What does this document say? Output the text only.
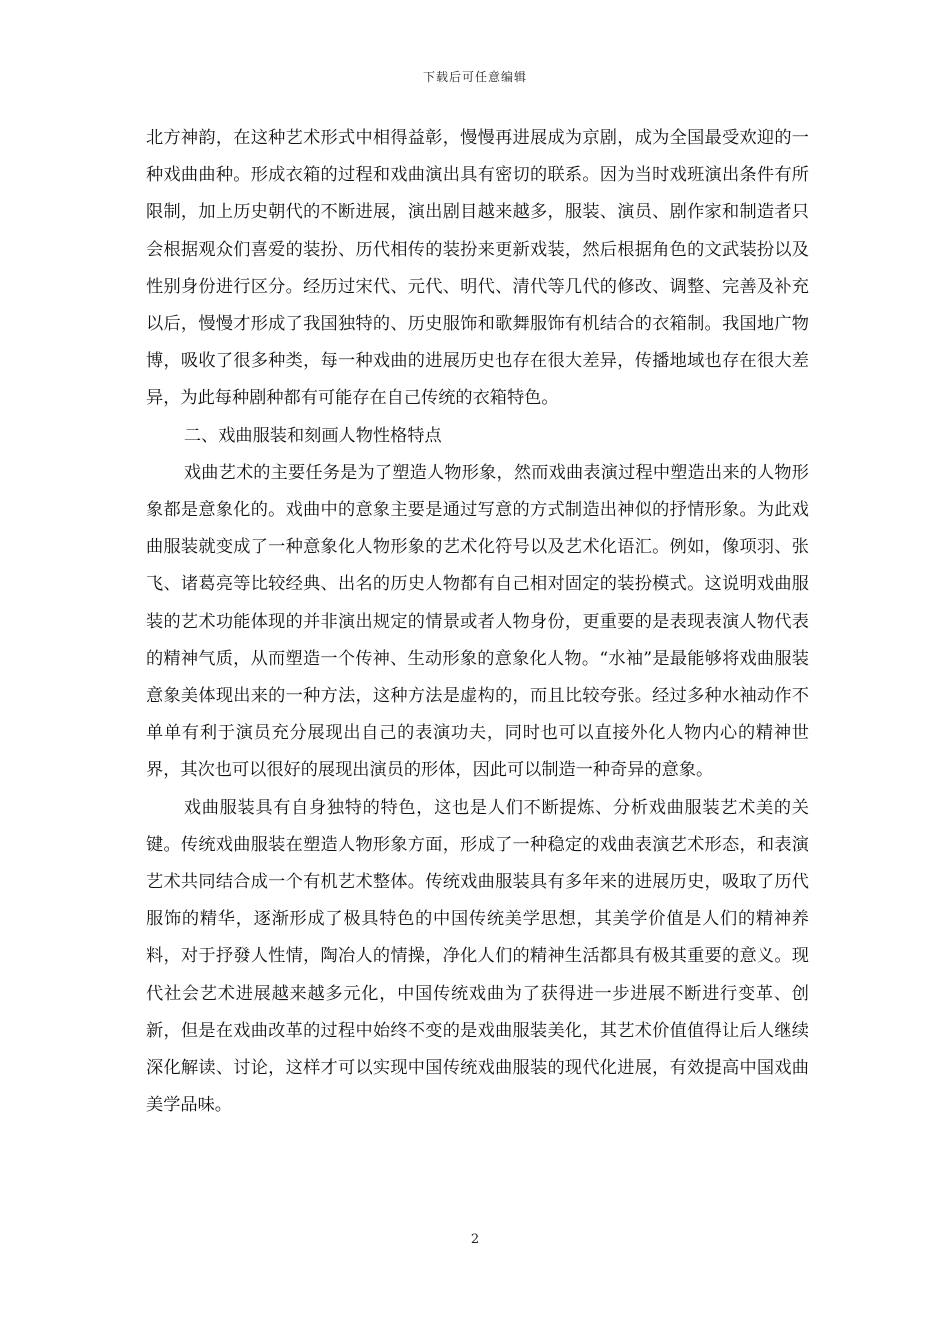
下载后可任意编辑

北方神韵，在这种艺术形式中相得益彰，慢慢再进展成为京剧，成为全国最受欢迎的一种戏曲曲种。形成衣箱的过程和戏曲演出具有密切的联系。因为当时戏班演出条件有所限制，加上历史朝代的不断进展，演出剧目越来越多，服装、演员、剧作家和制造者只会根据观众们喜爱的装扮、历代相传的装扮来更新戏装，然后根据角色的文武装扮以及性别身份进行区分。经历过宋代、元代、明代、清代等几代的修改、调整、完善及补充以后，慢慢才形成了我国独特的、历史服饰和歌舞服饰有机结合的衣箱制。我国地广物博，吸收了很多种类，每一种戏曲的进展历史也存在很大差异，传播地域也存在很大差异，为此每种剧种都有可能存在自己传统的衣箱特色。

二、戏曲服装和刻画人物性格特点

戏曲艺术的主要任务是为了塑造人物形象，然而戏曲表演过程中塑造出来的人物形象都是意象化的。戏曲中的意象主要是通过写意的方式制造出神似的抒情形象。为此戏曲服装就变成了一种意象化人物形象的艺术化符号以及艺术化语汇。例如，像项羽、张飞、诸葛亮等比较经典、出名的历史人物都有自己相对固定的装扮模式。这说明戏曲服装的艺术功能体现的并非演出规定的情景或者人物身份，更重要的是表现表演人物代表的精神气质，从而塑造一个传神、生动形象的意象化人物。“水袖”是最能够将戏曲服装意象美体现出来的一种方法，这种方法是虚构的，而且比较夸张。经过多种水袖动作不单单有利于演员充分展现出自己的表演功夫，同时也可以直接外化人物内心的精神世界，其次也可以很好的展现出演员的形体，因此可以制造一种奇异的意象。

戏曲服装具有自身独特的特色，这也是人们不断提炼、分析戏曲服装艺术美的关键。传统戏曲服装在塑造人物形象方面，形成了一种稳定的戏曲表演艺术形态，和表演艺术共同结合成一个有机艺术整体。传统戏曲服装具有多年来的进展历史，吸取了历代服饰的精华，逐渐形成了极具特色的中国传统美学思想，其美学价值是人们的精神养料，对于抒發人性情，陶冶人的情操，净化人们的精神生活都具有极其重要的意义。现代社会艺术进展越来越多元化，中国传统戏曲为了获得进一步进展不断进行变革、创新，但是在戏曲改革的过程中始终不变的是戏曲服装美化，其艺术价值值得让后人继续深化解读、讨论，这样才可以实现中国传统戏曲服装的现代化进展，有效提高中国戏曲美学品味。

2
